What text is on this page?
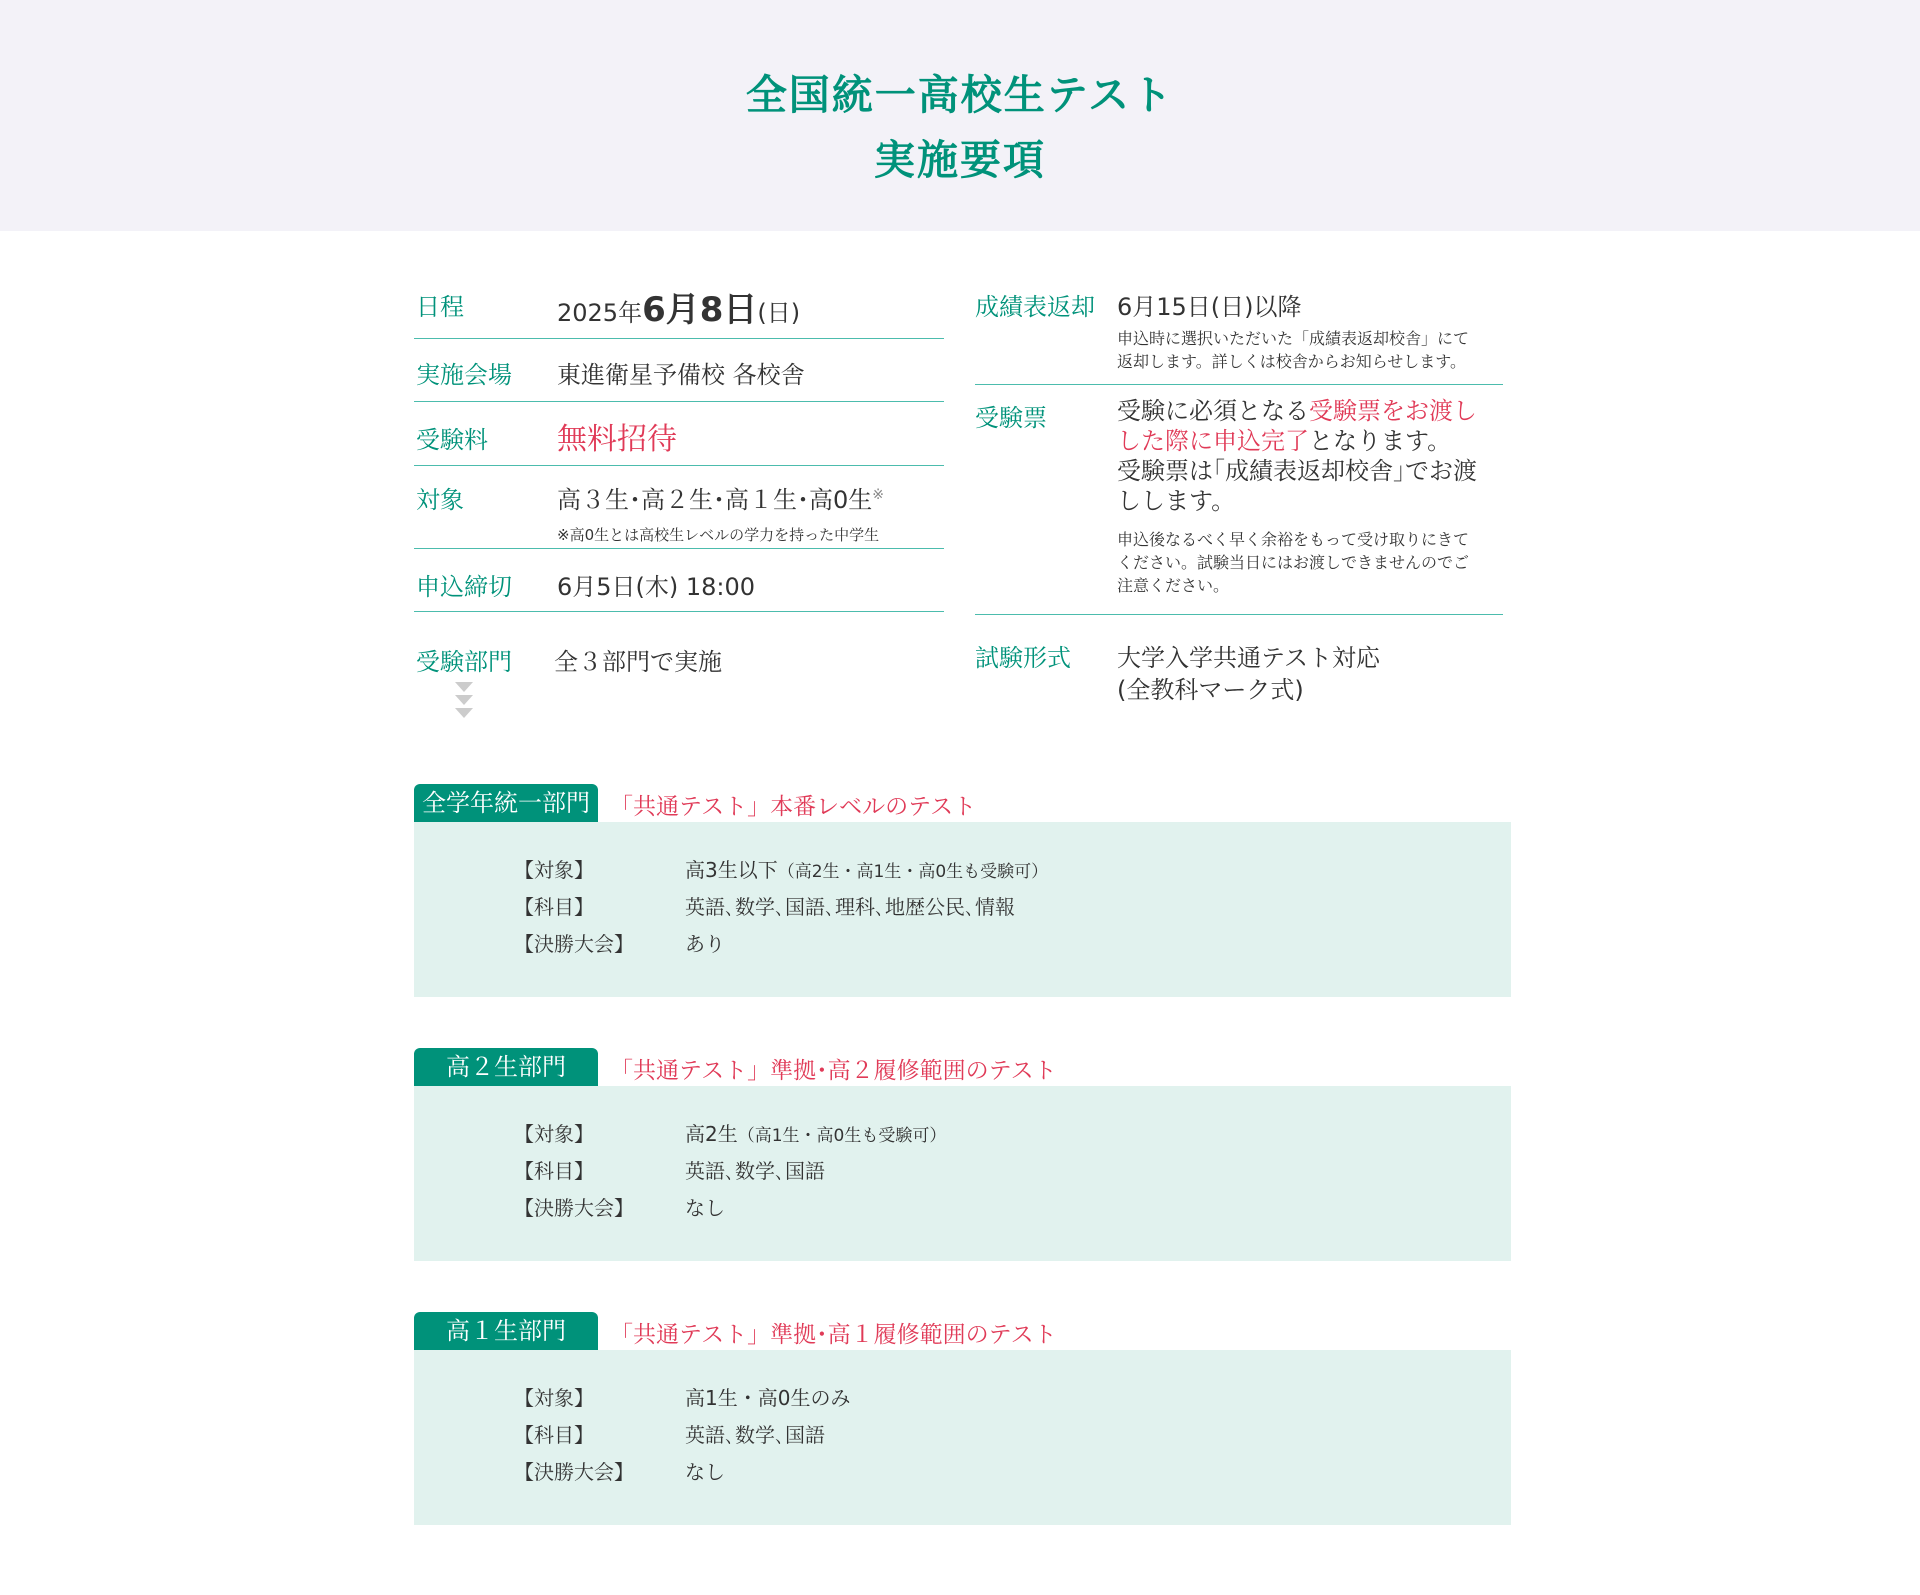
全国統一高校生テスト
実施要項
日程	2025年6月8日(日)
実施会場 東進衛星予備校 各校舎
受験料 無料招待
対象	高３生･高２生･高１生･高0生※
※高0生とは高校生レベルの学力を持った中学生
申込締切 6月5日(木) 18:00
受験部門 全３部門で実施
成績表返却 6月15日(日)以降
申込時に選択いただいた「成績表返却校舎」にて
返却します。詳しくは校舎からお知らせします。
受験票	受験に必須となる受験票をお渡し
した際に申込完了となります。
受験票は｢成績表返却校舎｣でお渡
しします。
申込後なるべく早く余裕をもって受け取りにきて
ください。試験当日にはお渡しできませんのでご
注意ください。
試験形式 大学入学共通テスト対応
(全教科マーク式)
全学年統一部門 「共通テスト」本番レベルのテスト
【対象】	高3生以下（高2生・高1生・高0生も受験可）
【科目】	英語､数学､国語､理科､地歴公民､情報
【決勝大会】	あり
高２生部門	「共通テスト」準拠･高２履修範囲のテスト
【対象】	高2生（高1生・高0生も受験可）
【科目】	英語､数学､国語
【決勝大会】	なし
高１生部門	「共通テスト」準拠･高１履修範囲のテスト
【対象】	高1生・高0生のみ
【科目】	英語､数学､国語
【決勝大会】	なし
